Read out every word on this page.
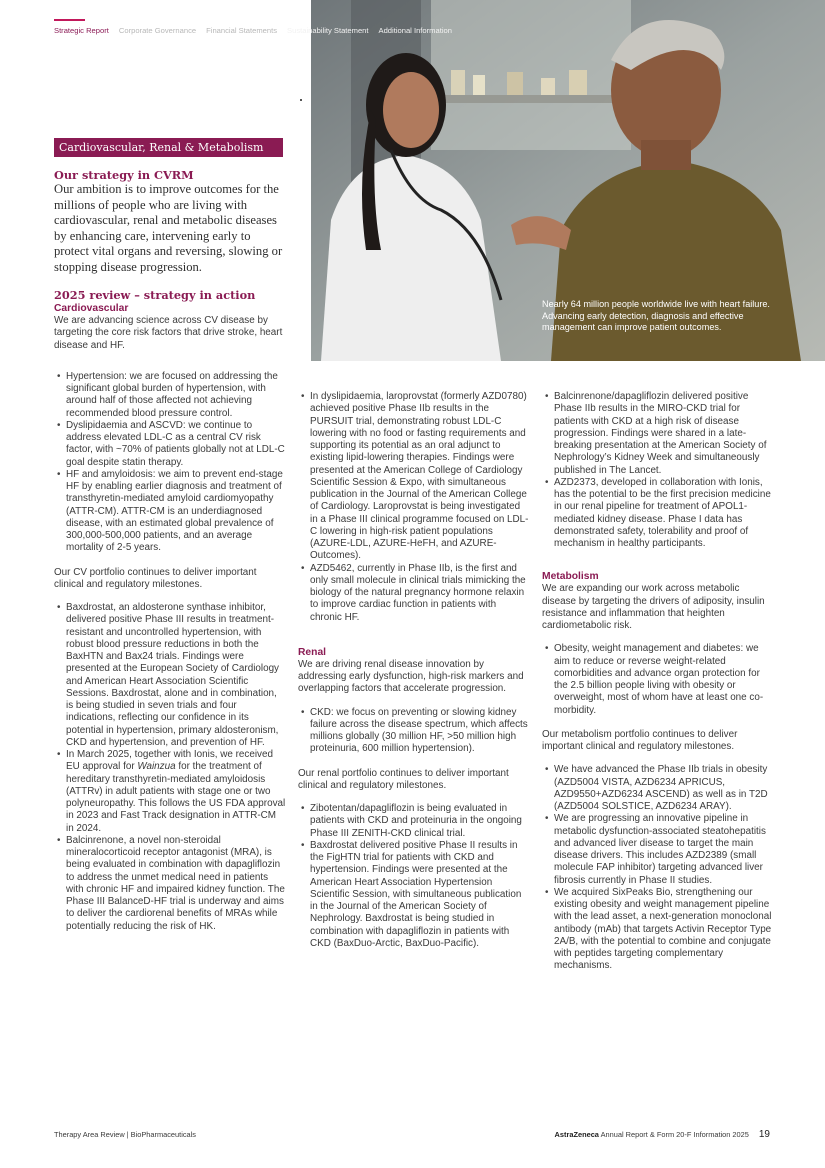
Strategic Report Corporate Governance Financial Statements Sustainability Statement Additional Information
Nearly 64 million people worldwide live with heart failure. Advancing early detection, diagnosis and effective management can improve patient outcomes.
Cardiovascular, Renal & Metabolism
Our strategy in CVRM
Our ambition is to improve outcomes for the millions of people who are living with cardiovascular, renal and metabolic diseases by enhancing care, intervening early to protect vital organs and reversing, slowing or stopping disease progression.
2025 review – strategy in action
Cardiovascular
We are advancing science across CV disease by targeting the core risk factors that drive stroke, heart disease and HF.
• Hypertension: we are focused on addressing the significant global burden of hypertension, with around half of those affected not achieving recommended blood pressure control.
• Dyslipidaemia and ASCVD: we continue to address elevated LDL-C as a central CV risk factor, with ~70% of patients globally not at LDL-C goal despite statin therapy.
• HF and amyloidosis: we aim to prevent end-stage HF by enabling earlier diagnosis and treatment of transthyretin-mediated amyloid cardiomyopathy (ATTR-CM). ATTR-CM is an underdiagnosed disease, with an estimated global prevalence of 300,000-500,000 patients, and an average mortality of 2-5 years.
Our CV portfolio continues to deliver important clinical and regulatory milestones.
• Baxdrostat, an aldosterone synthase inhibitor, delivered positive Phase III results in treatment-resistant and uncontrolled hypertension, with robust blood pressure reductions in both the BaxHTN and Bax24 trials. Findings were presented at the European Society of Cardiology and American Heart Association Scientific Sessions. Baxdrostat, alone and in combination, is being studied in seven trials and four indications, reflecting our confidence in its potential in hypertension, primary aldosteronism, CKD and hypertension, and prevention of HF.
• In March 2025, together with Ionis, we received EU approval for Wainzua for the treatment of hereditary transthyretin-mediated amyloidosis (ATTRv) in adult patients with stage one or two polyneuropathy. This follows the US FDA approval in 2023 and Fast Track designation in ATTR-CM in 2024.
• Balcinrenone, a novel non-steroidal mineralocorticoid receptor antagonist (MRA), is being evaluated in combination with dapagliflozin to address the unmet medical need in patients with chronic HF and impaired kidney function. The Phase III BalanceD-HF trial is underway and aims to deliver the cardiorenal benefits of MRAs while potentially reducing the risk of HK.
• In dyslipidaemia, laroprovstat (formerly AZD0780) achieved positive Phase IIb results in the PURSUIT trial, demonstrating robust LDL-C lowering with no food or fasting requirements and supporting its potential as an oral adjunct to existing lipid-lowering therapies. Findings were presented at the American College of Cardiology Scientific Session & Expo, with simultaneous publication in the Journal of the American College of Cardiology. Laroprovstat is being investigated in a Phase III clinical programme focused on LDL-C lowering in high-risk patient populations (AZURE-LDL, AZURE-HeFH, and AZURE-Outcomes).
• AZD5462, currently in Phase IIb, is the first and only small molecule in clinical trials mimicking the biology of the natural pregnancy hormone relaxin to improve cardiac function in patients with chronic HF.
Renal
We are driving renal disease innovation by addressing early dysfunction, high-risk markers and overlapping factors that accelerate progression.
• CKD: we focus on preventing or slowing kidney failure across the disease spectrum, which affects millions globally (30 million HF, >50 million high proteinuria, 600 million hypertension).
Our renal portfolio continues to deliver important clinical and regulatory milestones.
• Zibotentan/dapagliflozin is being evaluated in patients with CKD and proteinuria in the ongoing Phase III ZENITH-CKD clinical trial.
• Baxdrostat delivered positive Phase II results in the FigHTN trial for patients with CKD and hypertension. Findings were presented at the American Heart Association Hypertension Scientific Session, with simultaneous publication in the Journal of the American Society of Nephrology. Baxdrostat is being studied in combination with dapagliflozin in patients with CKD (BaxDuo-Arctic, BaxDuo-Pacific).
• Balcinrenone/dapagliflozin delivered positive Phase IIb results in the MIRO-CKD trial for patients with CKD at a high risk of disease progression. Findings were shared in a late-breaking presentation at the American Society of Nephrology’s Kidney Week and simultaneously published in The Lancet.
• AZD2373, developed in collaboration with Ionis, has the potential to be the first precision medicine in our renal pipeline for treatment of APOL1-mediated kidney disease. Phase I data has demonstrated safety, tolerability and proof of mechanism in healthy participants.
Metabolism
We are expanding our work across metabolic disease by targeting the drivers of adiposity, insulin resistance and inflammation that heighten cardiometabolic risk.
• Obesity, weight management and diabetes: we aim to reduce or reverse weight-related comorbidities and advance organ protection for the 2.5 billion people living with obesity or overweight, most of whom have at least one co-morbidity.
Our metabolism portfolio continues to deliver important clinical and regulatory milestones.
• We have advanced the Phase IIb trials in obesity (AZD5004 VISTA, AZD6234 APRICUS, AZD9550+AZD6234 ASCEND) as well as in T2D (AZD5004 SOLSTICE, AZD6234 ARAY).
• We are progressing an innovative pipeline in metabolic dysfunction-associated steatohepatitis and advanced liver disease to target the main disease drivers. This includes AZD2389 (small molecule FAP inhibitor) targeting advanced liver fibrosis currently in Phase II studies.
• We acquired SixPeaks Bio, strengthening our existing obesity and weight management pipeline with the lead asset, a next-generation monoclonal antibody (mAb) that targets Activin Receptor Type 2A/B, with the potential to combine and conjugate with peptides targeting complementary mechanisms.
Therapy Area Review | BioPharmaceuticals	AstraZeneca Annual Report & Form 20-F Information 2025 19
